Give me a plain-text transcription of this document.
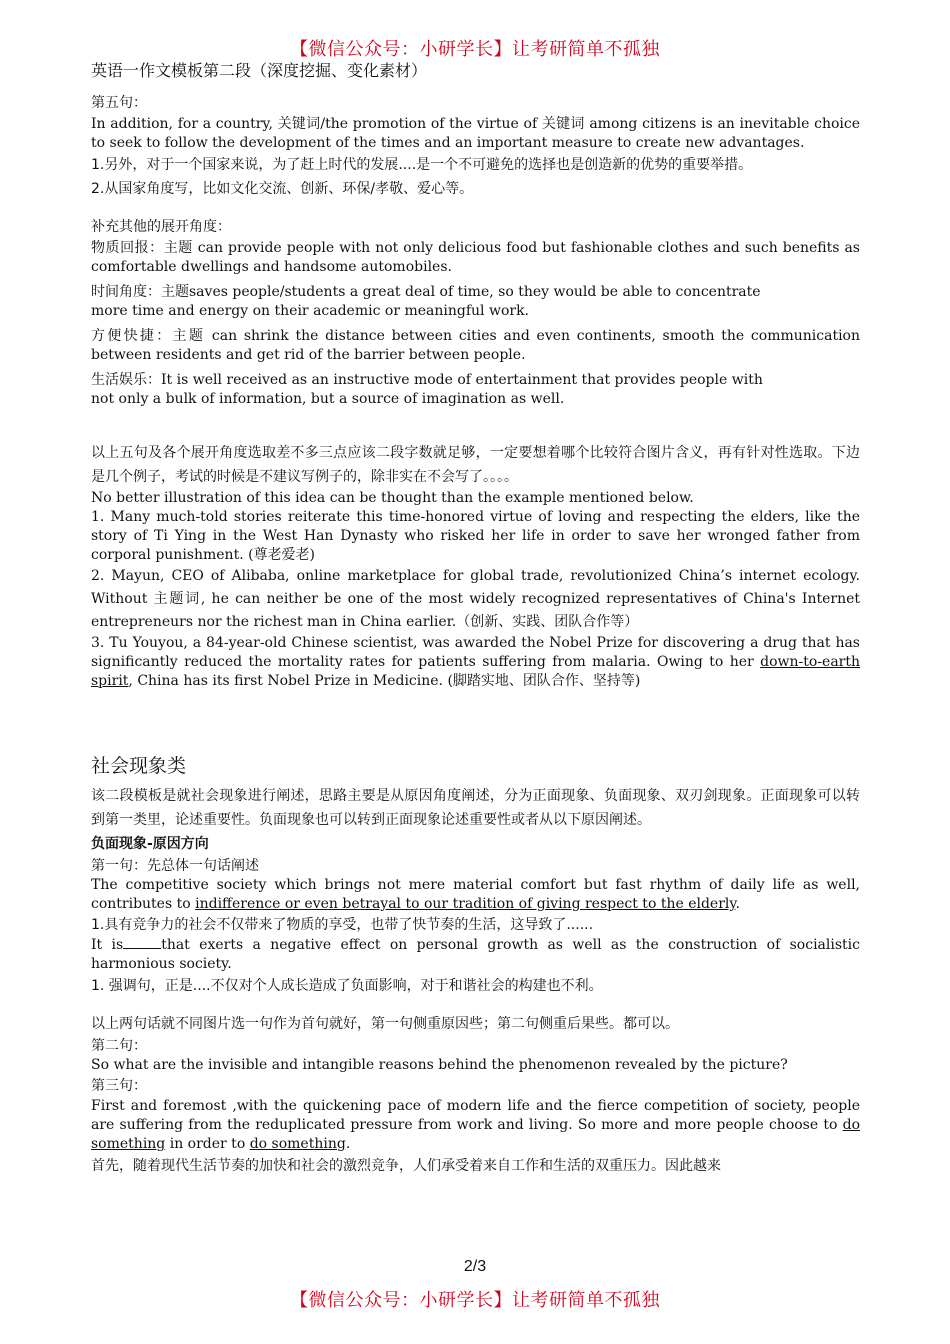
【微信公众号：小研学长】让考研简单不孤独
英语一作文模板第二段（深度挖掘、变化素材）

第五句：

In addition, for a country, 关键词/the promotion of the virtue of 关键词 among citizens is an inevitable choice to seek to follow the development of the times and an important measure to create new advantages.

1.另外，对于一个国家来说，为了赶上时代的发展....是一个不可避免的选择也是创造新的优势的重要举措。

2.从国家角度写，比如文化交流、创新、环保/孝敬、爱心等。

补充其他的展开角度：

物质回报：主题 can provide people with not only delicious food but fashionable clothes and such benefits as comfortable dwellings and handsome automobiles.

时间角度：主题saves people/students a great deal of time, so they would be able to concentrate

more time and energy on their academic or meaningful work.

方便快捷：主题 can shrink the distance between cities and even continents, smooth the communication between residents and get rid of the barrier between people.

生活娱乐：It is well received as an instructive mode of entertainment that provides people with

not only a bulk of information, but a source of imagination as well.

以上五句及各个展开角度选取差不多三点应该二段字数就足够，一定要想着哪个比较符合图片含义，再有针对性选取。下边是几个例子，考试的时候是不建议写例子的，除非实在不会写了。。。。

No better illustration of this idea can be thought than the example mentioned below.

1. Many much-told stories reiterate this time-honored virtue of loving and respecting the elders, like the story of Ti Ying in the West Han Dynasty who risked her life in order to save her wronged father from corporal punishment. (尊老爱老)

2. Mayun, CEO of Alibaba, online marketplace for global trade, revolutionized China’s internet ecology. Without 主题词, he can neither be one of the most widely recognized representatives of China's Internet entrepreneurs nor the richest man in China earlier.（创新、实践、团队合作等）

3. Tu Youyou, a 84-year-old Chinese scientist, was awarded the Nobel Prize for discovering a drug that has significantly reduced the mortality rates for patients suffering from malaria. Owing to her down-to-earth spirit, China has its first Nobel Prize in Medicine. (脚踏实地、团队合作、坚持等)

社会现象类

该二段模板是就社会现象进行阐述，思路主要是从原因角度阐述，分为正面现象、负面现象、双刃剑现象。正面现象可以转到第一类里，论述重要性。负面现象也可以转到正面现象论述重要性或者从以下原因阐述。

负面现象-原因方向

第一句：先总体一句话阐述

The competitive society which brings not mere material comfort but fast rhythm of daily life as well, contributes to indifference or even betrayal to our tradition of giving respect to the elderly.

1.具有竞争力的社会不仅带来了物质的享受，也带了快节奏的生活，这导致了......

It is	that exerts a negative effect on personal growth as well as the construction of socialistic harmonious society.

1. 强调句，正是....不仅对个人成长造成了负面影响，对于和谐社会的构建也不利。

以上两句话就不同图片选一句作为首句就好，第一句侧重原因些；第二句侧重后果些。都可以。

第二句：

So what are the invisible and intangible reasons behind the phenomenon revealed by the picture?

第三句：

First and foremost ,with the quickening pace of modern life and the fierce competition of society, people are suffering from the reduplicated pressure from work and living. So more and more people choose to do something in order to do something.

首先，随着现代生活节奏的加快和社会的激烈竞争，人们承受着来自工作和生活的双重压力。因此越来

2/3
【微信公众号：小研学长】让考研简单不孤独
